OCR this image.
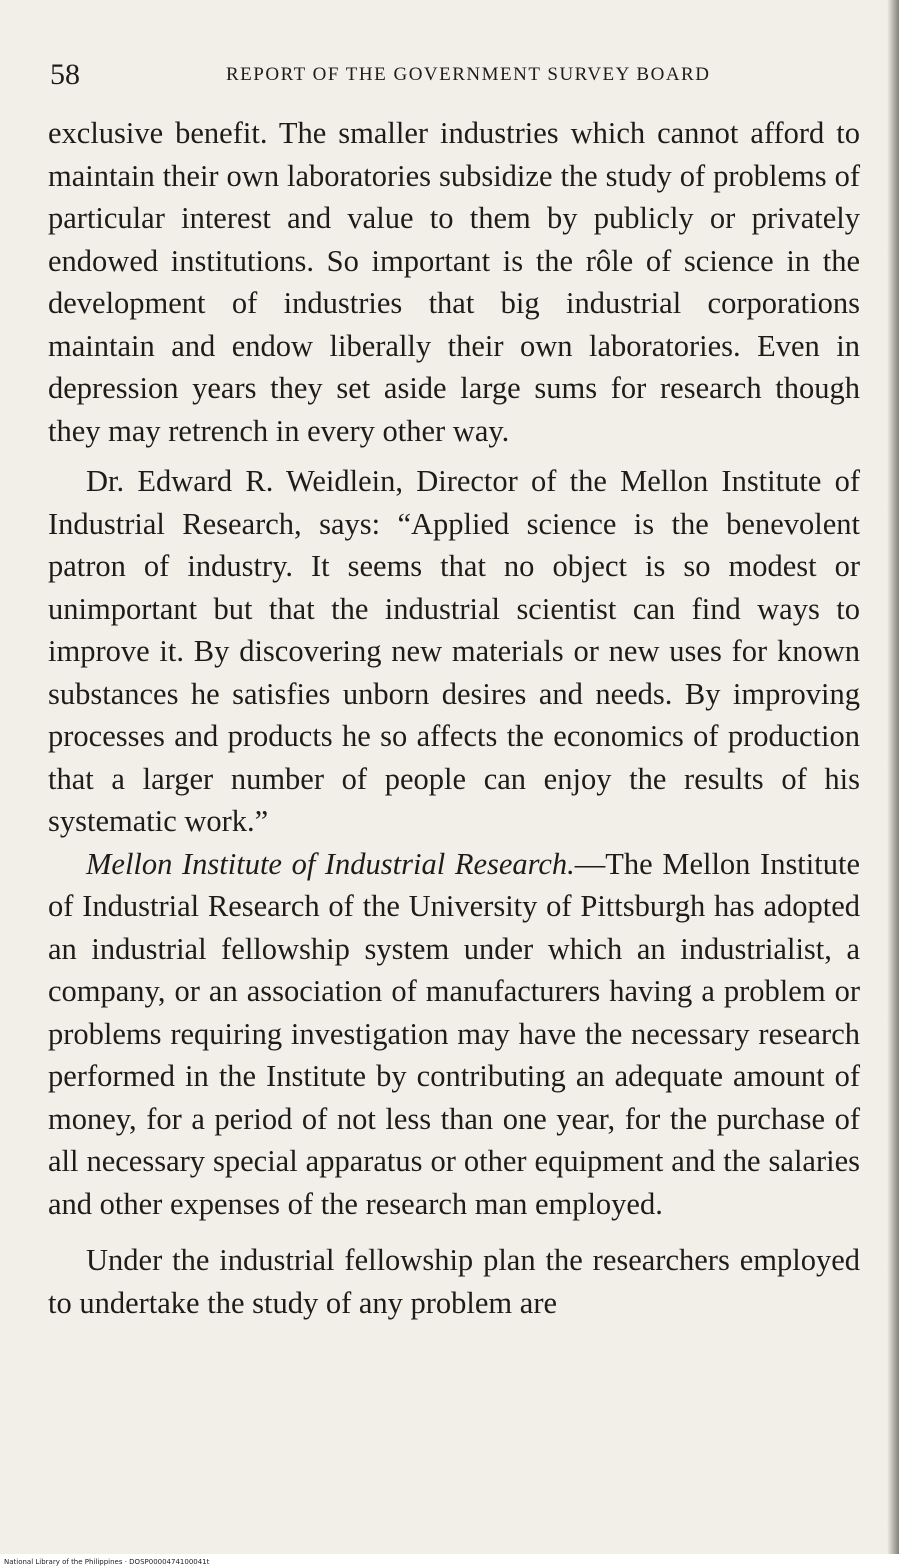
58	REPORT OF THE GOVERNMENT SURVEY BOARD

exclusive benefit. The smaller industries which cannot afford to maintain their own laboratories subsidize the study of problems of particular interest and value to them by publicly or privately endowed institutions. So important is the rôle of science in the development of industries that big industrial corporations maintain and endow liberally their own laboratories. Even in depression years they set aside large sums for research though they may retrench in every other way.

Dr. Edward R. Weidlein, Director of the Mellon Institute of Industrial Research, says: “Applied science is the benevolent patron of industry. It seems that no object is so modest or unimportant but that the industrial scientist can find ways to improve it. By discovering new materials or new uses for known substances he satisfies unborn desires and needs. By improving processes and products he so affects the economics of production that a larger number of people can enjoy the results of his systematic work.”

Mellon Institute of Industrial Research.—The Mellon Institute of Industrial Research of the University of Pittsburgh has adopted an industrial fellowship system under which an industrialist, a company, or an association of manufacturers having a problem or problems requiring investigation may have the necessary research performed in the Institute by contributing an adequate amount of money, for a period of not less than one year, for the purchase of all necessary special apparatus or other equipment and the salaries and other expenses of the research man employed.

Under the industrial fellowship plan the researchers employed to undertake the study of any problem are

National Library of the Philippines · DOSP0000474100041t
